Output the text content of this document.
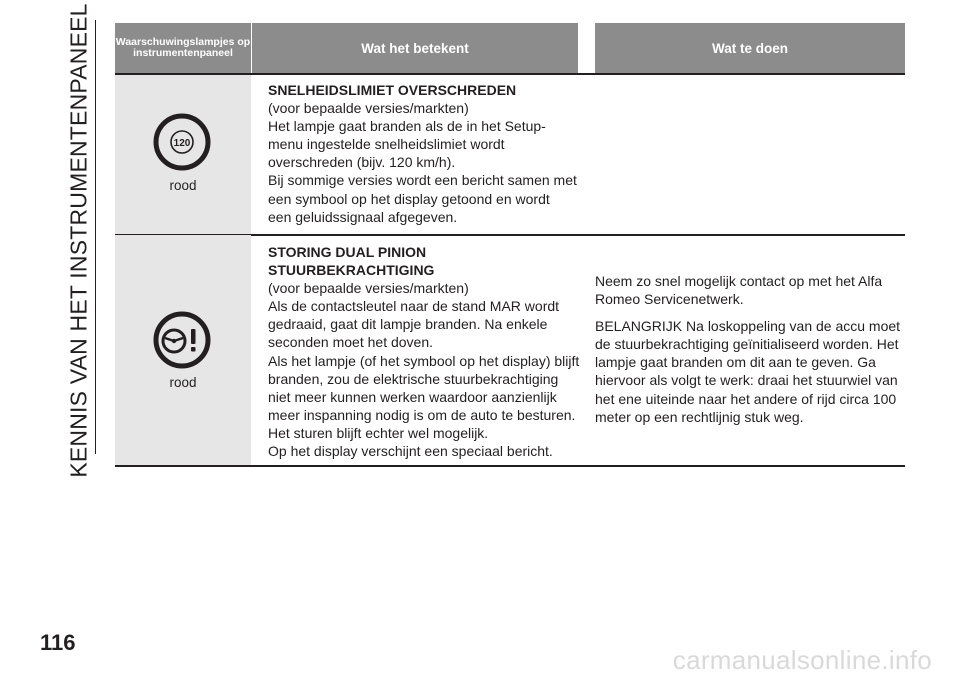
KENNIS VAN HET INSTRUMENTENPANEEL Waarschuwingslampjes op instrumentenpaneel	Wat het betekent	Wat te doen
120
rood
SNELHEIDSLIMIET OVERSCHREDEN
(voor bepaalde versies/markten)
Het lampje gaat branden als de in het Setup-
menu ingestelde snelheidslimiet wordt
overschreden (bijv. 120 km/h).
Bij sommige versies wordt een bericht samen met
een symbool op het display getoond en wordt
een geluidssignaal afgegeven.
rood
STORING DUAL PINION
STUURBEKRACHTIGING
(voor bepaalde versies/markten)
Als de contactsleutel naar de stand MAR wordt
gedraaid, gaat dit lampje branden. Na enkele
seconden moet het doven.
Als het lampje (of het symbool op het display) blijft
branden, zou de elektrische stuurbekrachtiging
niet meer kunnen werken waardoor aanzienlijk
meer inspanning nodig is om de auto te besturen.
Het sturen blijft echter wel mogelijk.
Op het display verschijnt een speciaal bericht.

Neem zo snel mogelijk contact op met het Alfa Romeo Servicenetwerk.

BELANGRIJK Na loskoppeling van de accu moet de stuurbekrachtiging geïnitialiseerd worden. Het lampje gaat branden om dit aan te geven. Ga hiervoor als volgt te werk: draai het stuurwiel van het ene uiteinde naar het andere of rijd circa 100 meter op een rechtlijnig stuk weg.

116
carmanualsonline.info
